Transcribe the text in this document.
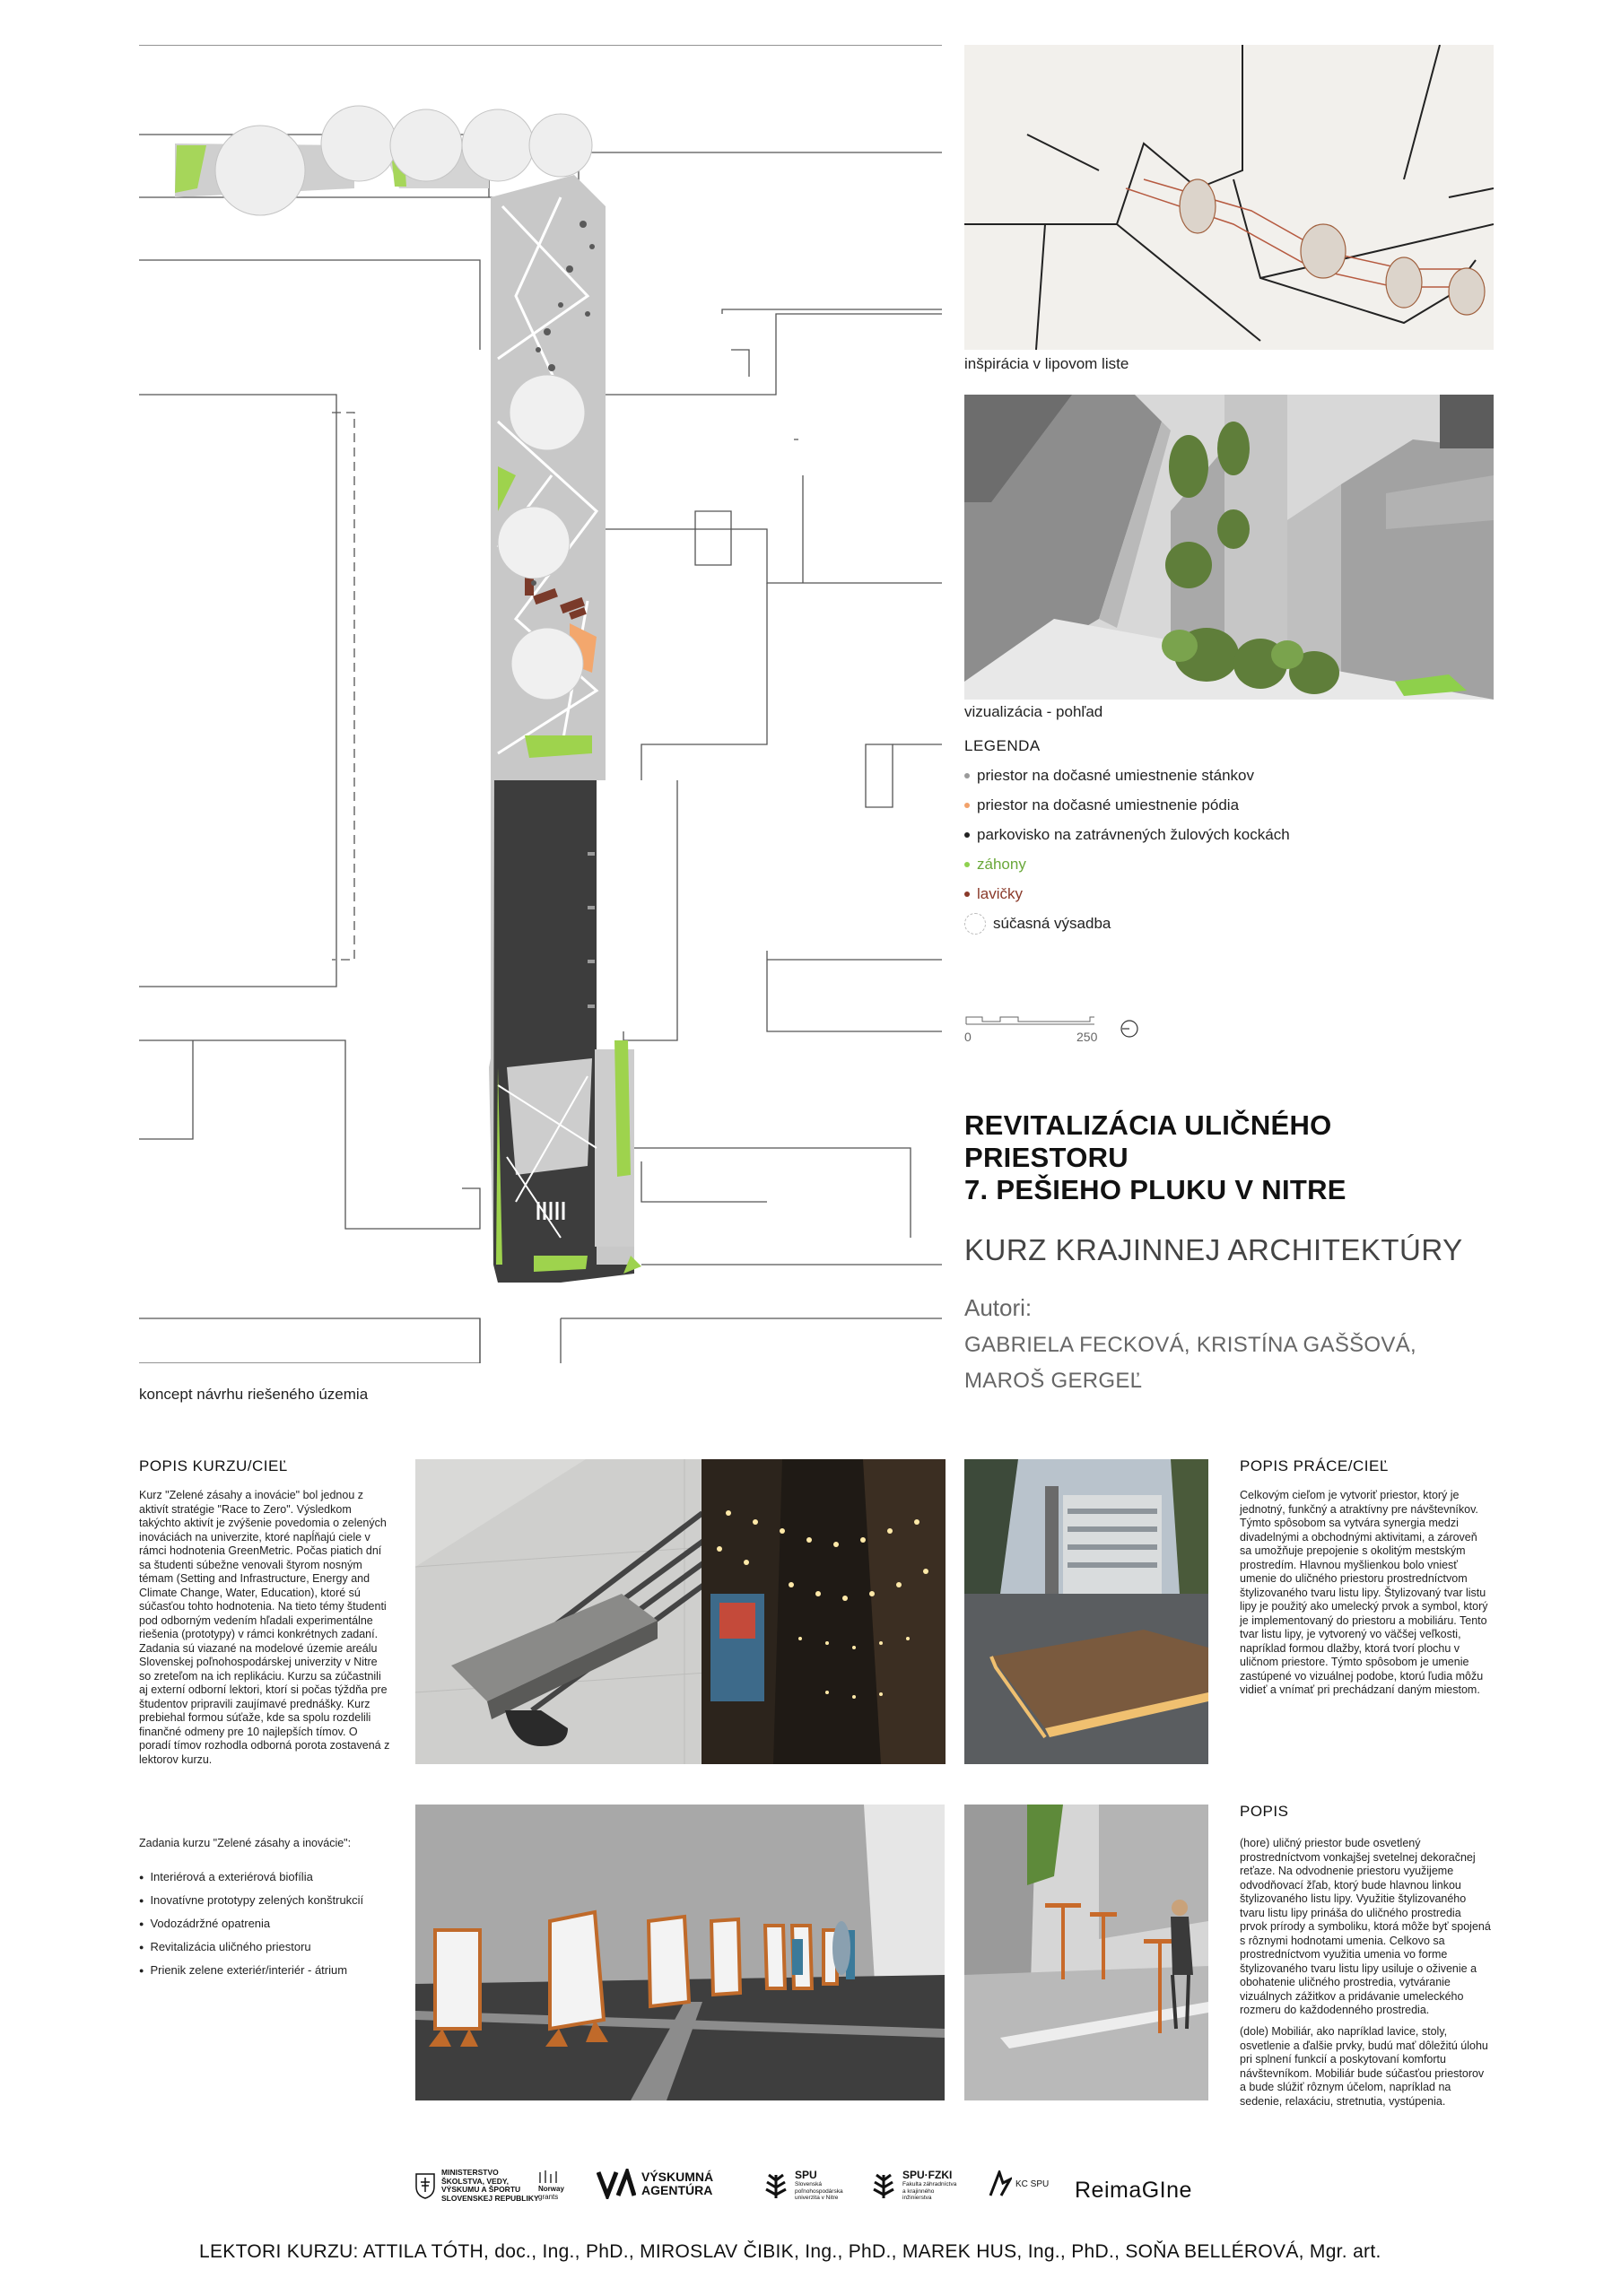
koncept návrhu riešeného územia
inšpirácia v lipovom liste
vizualizácia - pohľad
LEGENDA
priestor na dočasné umiestnenie stánkov
priestor na dočasné umiestnenie pódia
parkovisko na zatrávnených žulových kockách
záhony
lavičky
súčasná výsadba
0	250
REVITALIZÁCIA ULIČNÉHO
PRIESTORU
7. PEŠIEHO PLUKU V NITRE
KURZ KRAJINNEJ ARCHITEKTÚRY
Autori:
GABRIELA FECKOVÁ, KRISTÍNA GAŠŠOVÁ,
MAROŠ GERGEĽ
POPIS KURZU/CIEĽ
Kurz "Zelené zásahy a inovácie" bol jednou z aktivít stratégie "Race to Zero". Výsledkom takýchto aktivít je zvýšenie povedomia o zelených inováciách na univerzite, ktoré napĺňajú ciele v rámci hodnotenia GreenMetric. Počas piatich dní sa študenti súbežne venovali štyrom nosným témam (Setting and Infrastructure, Energy and Climate Change, Water, Education), ktoré sú súčasťou tohto hodnotenia. Na tieto témy študenti pod odborným vedením hľadali experimentálne riešenia (prototypy) v rámci konkrétnych zadaní. Zadania sú viazané na modelové územie areálu Slovenskej poľnohospodárskej univerzity v Nitre so zreteľom na ich replikáciu. Kurzu sa zúčastnili aj externí odborní lektori, ktorí si počas týždňa pre študentov pripravili zaujímavé prednášky. Kurz prebiehal formou súťaže, kde sa spolu rozdelili finančné odmeny pre 10 najlepších tímov. O poradí tímov rozhodla odborná porota zostavená z lektorov kurzu.
Zadania kurzu "Zelené zásahy a inovácie":
● Interiérová a exteriérová biofília
● Inovatívne prototypy zelených konštrukcií
● Vodozádržné opatrenia
● Revitalizácia uličného priestoru
● Prienik zelene exteriér/interiér - átrium
POPIS PRÁCE/CIEĽ
Celkovým cieľom je vytvoriť priestor, ktorý je jednotný, funkčný a atraktívny pre návštevníkov. Týmto spôsobom sa vytvára synergia medzi divadelnými a obchodnými aktivitami, a zároveň sa umožňuje prepojenie s okolitým mestským prostredím. Hlavnou myšlienkou bolo vniesť umenie do uličného priestoru prostredníctvom štylizovaného tvaru listu lipy. Štylizovaný tvar listu lipy je použitý ako umelecký prvok a symbol, ktorý je implementovaný do priestoru a mobiliáru. Tento tvar listu lipy, je vytvorený vo väčšej veľkosti, napríklad formou dlažby, ktorá tvorí plochu v uličnom priestore. Týmto spôsobom je umenie zastúpené vo vizuálnej podobe, ktorú ľudia môžu vidieť a vnímať pri prechádzaní daným miestom.
POPIS
(hore) uličný priestor bude osvetlený prostredníctvom vonkajšej svetelnej dekoračnej reťaze. Na odvodnenie priestoru využijeme odvodňovací žľab, ktorý bude hlavnou linkou štylizovaného listu lipy. Využitie štylizovaného tvaru listu lipy prináša do uličného prostredia prvok prírody a symboliku, ktorá môže byť spojená s rôznymi hodnotami umenia. Celkovo sa prostredníctvom využitia umenia vo forme štylizovaného tvaru listu lipy usiluje o oživenie a obohatenie uličného prostredia, vytváranie vizuálnych zážitkov a pridávanie umeleckého rozmeru do každodenného prostredia.
(dole) Mobiliár, ako napríklad lavice, stoly, osvetlenie a ďalšie prvky, budú mať dôležitú úlohu pri splnení funkcií a poskytovaní komfortu návštevníkom. Mobiliár bude súčasťou priestorov a bude slúžiť rôznym účelom, napríklad na sedenie, relaxáciu, stretnutia, vystúpenia.
MINISTERSTVO
ŠKOLSTVA, VEDY,
VÝSKUMU A ŠPORTU
SLOVENSKEJ REPUBLIKY
Norway
grants
VÝSKUMNÁ
AGENTÚRA
SPU
Slovenská
poľnohospodárska
univerzita v Nitre
SPU·FZKI
Fakulta záhradníctva
a krajinného
inžinierstva
KC SPU ReimaGIne
LEKTORI KURZU: ATTILA TÓTH, doc., Ing., PhD., MIROSLAV ČIBIK, Ing., PhD., MAREK HUS, Ing., PhD., SOŇA BELLÉROVÁ, Mgr. art.
